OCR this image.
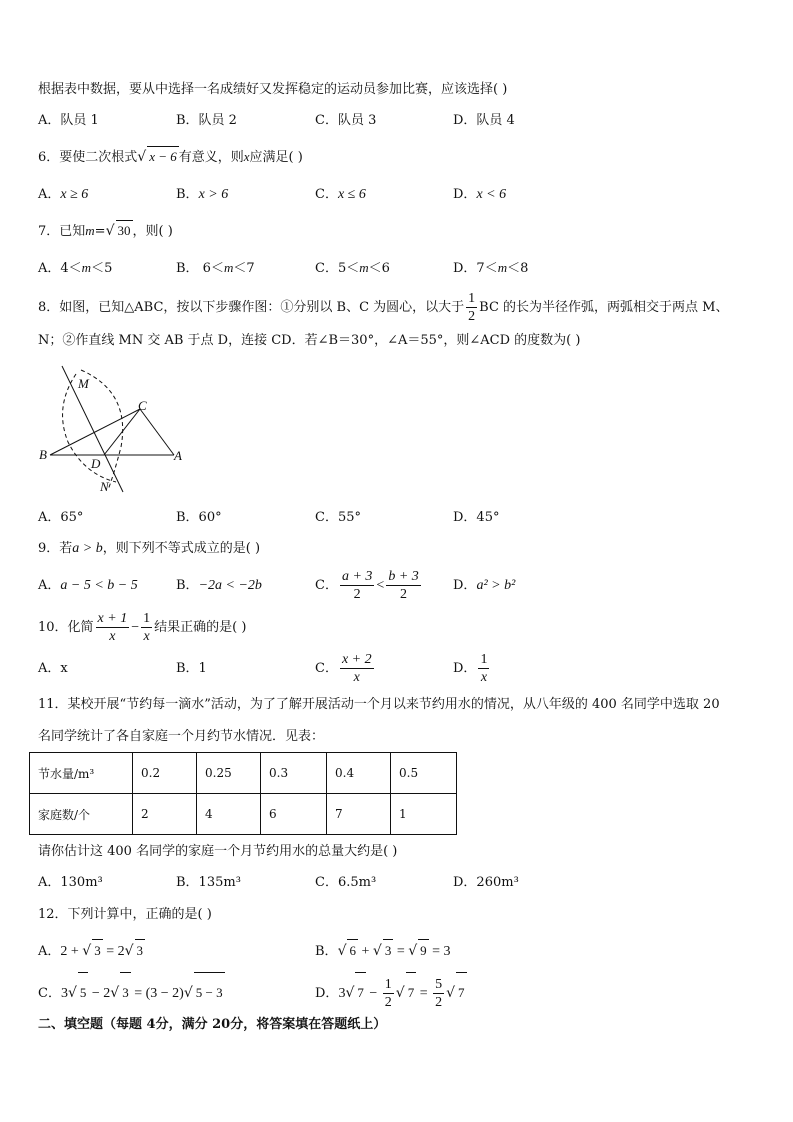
根据表中数据，要从中选择一名成绩好又发挥稳定的运动员参加比赛，应该选择( )
A．队员 1	B．队员 2	C．队员 3	D．队员 4
6．要使二次根式√ x − 6 有意义，则x应满足( )
A．x ≥ 6	B．x > 6	C．x ≤ 6	D．x < 6
7．已知m=√ 30 ，则( )
A．4＜m＜5	B． 6＜m＜7	C．5＜m＜6	D．7＜m＜8
8．如图，已知△ABC，按以下步骤作图：①分别以 B、C 为圆心，以大于 $\frac{1}{2}$ BC 的长为半径作弧，两弧相交于两点 M、
N；②作直线 MN 交 AB 于点 D，连接 CD．若∠B＝30°，∠A＝55°，则∠ACD 的度数为( )
M
C
B
D
A
N
A．65°	B．60°	C．55°	D．45°
9．若a > b，则下列不等式成立的是( )
A．a − 5 < b − 5	B．−2a < −2b	C． $\frac{a + 3}{2} < \frac{b + 3}{2}$ D．a² > b²
10．化简 $\frac{x + 1}{x} - \frac{1}{x}$ 结果正确的是( )
A．x	B．1	C． $\frac{x + 2}{x}$	D． $\frac{1}{x}$
11．某校开展“节约每一滴水”活动，为了了解开展活动一个月以来节约用水的情况，从八年级的 400 名同学中选取 20
名同学统计了各自家庭一个月约节水情况．见表：
节水量/m³	0.2	0.25	0.3	0.4	0.5
家庭数/个	2	4	6	7	1
请你估计这 400 名同学的家庭一个月节约用水的总量大约是( )
A．130m³	B．135m³	C．6.5m³	D．260m³
12．下列计算中，正确的是( )
A．2 + √ 3 = 2√ 3	B．√ 6 + √ 3 = √ 9 = 3
C．3√ 5 − 2√ 3 = (3 − 2)√ 5 − 3	D．3√ $7 - \frac{1}{2}$ √ $7 = \frac{5}{2}$ √ 7
二、填空题（每题 4分，满分 20分，将答案填在答题纸上）
